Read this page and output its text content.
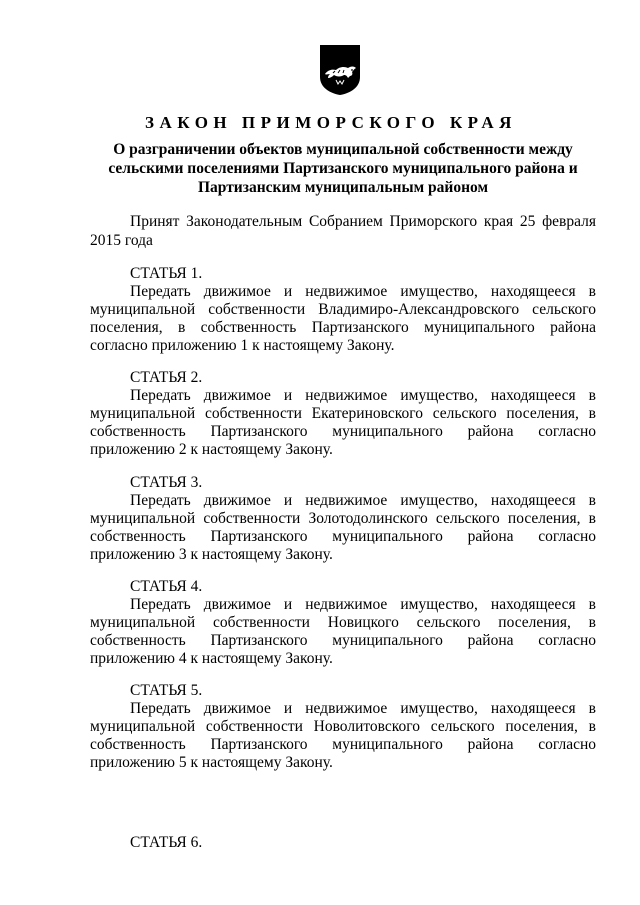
ЗАКОН ПРИМОРСКОГО КРАЯ
О разграничении объектов муниципальной собственности между сельскими поселениями Партизанского муниципального района и Партизанским муниципальным районом
Принят Законодательным Собранием Приморского края 25 февраля 2015 года
СТАТЬЯ 1.
Передать движимое и недвижимое имущество, находящееся в муниципальной собственности Владимиро-Александровского сельского поселения, в собственность Партизанского муниципального района согласно приложению 1 к настоящему Закону.
СТАТЬЯ 2.
Передать движимое и недвижимое имущество, находящееся в муниципальной собственности Екатериновского сельского поселения, в собственность Партизанского муниципального района согласно приложению 2 к настоящему Закону.
СТАТЬЯ 3.
Передать движимое и недвижимое имущество, находящееся в муниципальной собственности Золотодолинского сельского поселения, в собственность Партизанского муниципального района согласно приложению 3 к настоящему Закону.
СТАТЬЯ 4.
Передать движимое и недвижимое имущество, находящееся в муниципальной собственности Новицкого сельского поселения, в собственность Партизанского муниципального района согласно приложению 4 к настоящему Закону.
СТАТЬЯ 5.
Передать движимое и недвижимое имущество, находящееся в муниципальной собственности Новолитовского сельского поселения, в собственность Партизанского муниципального района согласно приложению 5 к настоящему Закону.
СТАТЬЯ 6.
